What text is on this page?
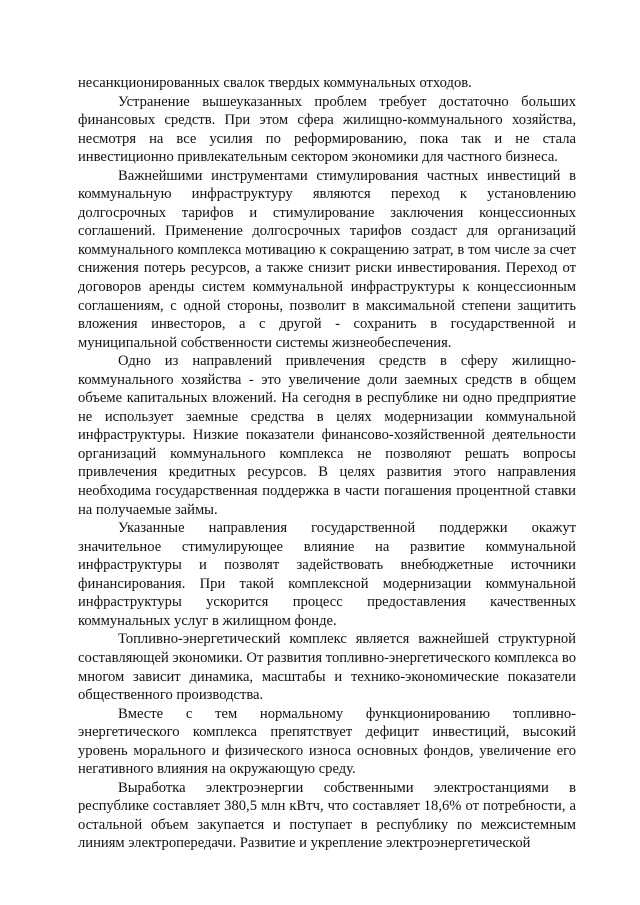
несанкционированных свалок твердых коммунальных отходов.

Устранение вышеуказанных проблем требует достаточно больших финансовых средств. При этом сфера жилищно-коммунального хозяйства, несмотря на все усилия по реформированию, пока так и не стала инвестиционно привлекательным сектором экономики для частного бизнеса.

Важнейшими инструментами стимулирования частных инвестиций в коммунальную инфраструктуру являются переход к установлению долгосрочных тарифов и стимулирование заключения концессионных соглашений. Применение долгосрочных тарифов создаст для организаций коммунального комплекса мотивацию к сокращению затрат, в том числе за счет снижения потерь ресурсов, а также снизит риски инвестирования. Переход от договоров аренды систем коммунальной инфраструктуры к концессионным соглашениям, с одной стороны, позволит в максимальной степени защитить вложения инвесторов, а с другой - сохранить в государственной и муниципальной собственности системы жизнеобеспечения.

Одно из направлений привлечения средств в сферу жилищно-коммунального хозяйства - это увеличение доли заемных средств в общем объеме капитальных вложений. На сегодня в республике ни одно предприятие не использует заемные средства в целях модернизации коммунальной инфраструктуры. Низкие показатели финансово-хозяйственной деятельности организаций коммунального комплекса не позволяют решать вопросы привлечения кредитных ресурсов. В целях развития этого направления необходима государственная поддержка в части погашения процентной ставки на получаемые займы.

Указанные направления государственной поддержки окажут значительное стимулирующее влияние на развитие коммунальной инфраструктуры и позволят задействовать внебюджетные источники финансирования. При такой комплексной модернизации коммунальной инфраструктуры ускорится процесс предоставления качественных коммунальных услуг в жилищном фонде.

Топливно-энергетический комплекс является важнейшей структурной составляющей экономики. От развития топливно-энергетического комплекса во многом зависит динамика, масштабы и технико-экономические показатели общественного производства.

Вместе с тем нормальному функционированию топливно-энергетического комплекса препятствует дефицит инвестиций, высокий уровень морального и физического износа основных фондов, увеличение его негативного влияния на окружающую среду.

Выработка электроэнергии собственными электростанциями в республике составляет 380,5 млн кВтч, что составляет 18,6% от потребности, а остальной объем закупается и поступает в республику по межсистемным линиям электропередачи. Развитие и укрепление электроэнергетической
